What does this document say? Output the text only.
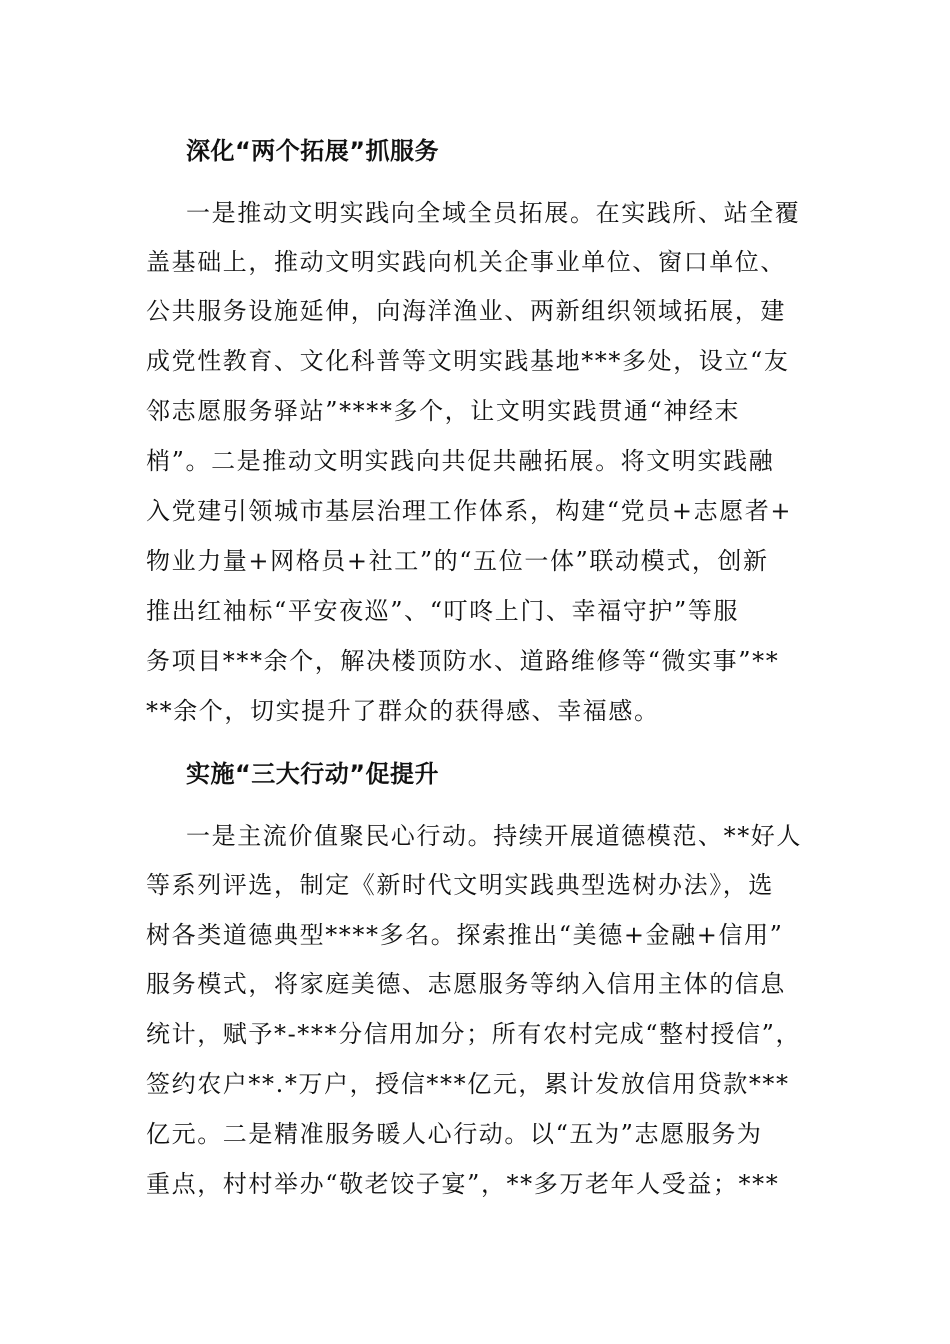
深化“两个拓展”抓服务
一是推动文明实践向全域全员拓展。在实践所、站全覆
盖基础上，推动文明实践向机关企事业单位、窗口单位、
公共服务设施延伸，向海洋渔业、两新组织领域拓展，建
成党性教育、文化科普等文明实践基地***多处，设立“友
邻志愿服务驿站”****多个，让文明实践贯通“神经末
梢”。二是推动文明实践向共促共融拓展。将文明实践融
入党建引领城市基层治理工作体系，构建“党员+志愿者+
物业力量+网格员+社工”的“五位一体”联动模式，创新
推出红袖标“平安夜巡”、“叮咚上门、幸福守护”等服
务项目***余个，解决楼顶防水、道路维修等“微实事”**
**余个，切实提升了群众的获得感、幸福感。
实施“三大行动”促提升
一是主流价值聚民心行动。持续开展道德模范、**好人
等系列评选，制定《新时代文明实践典型选树办法》，选
树各类道德典型****多名。探索推出“美德+金融+信用”
服务模式，将家庭美德、志愿服务等纳入信用主体的信息
统计，赋予*-***分信用加分；所有农村完成“整村授信”，
签约农户**.*万户，授信***亿元，累计发放信用贷款***
亿元。二是精准服务暖人心行动。以“五为”志愿服务为
重点，村村举办“敬老饺子宴”，**多万老年人受益；***
